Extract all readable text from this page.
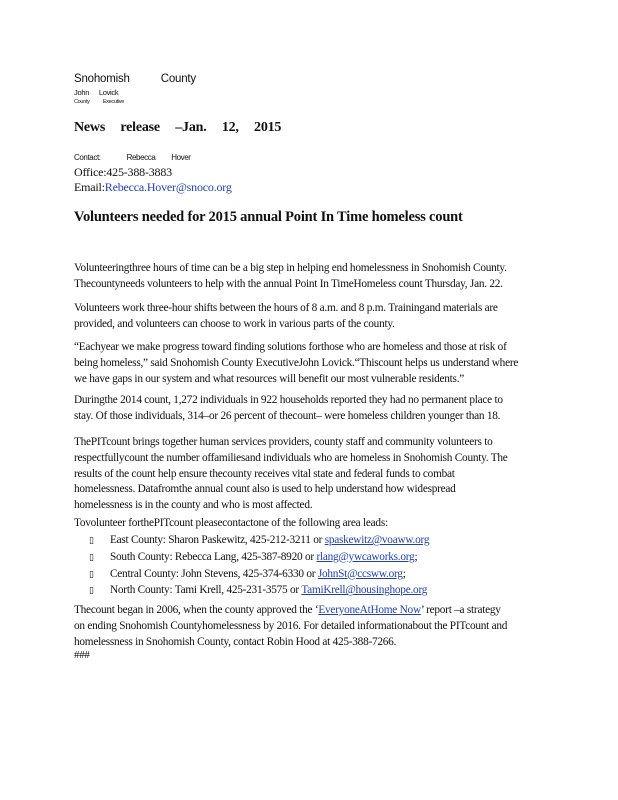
Snohomish County
John Lovick
County Executive
News release –Jan. 12, 2015
Contact:	Rebecca Hover
Office:425-388-3883
Email:Rebecca.Hover@snoco.org
Volunteers needed for 2015 annual Point In Time homeless count
Volunteeringthree hours of time can be a big step in helping end homelessness in Snohomish County.
Thecountyneeds volunteers to help with the annual Point In TimeHomeless count Thursday, Jan. 22.
Volunteers work three-hour shifts between the hours of 8 a.m. and 8 p.m. Trainingand materials are
provided, and volunteers can choose to work in various parts of the county.
“Eachyear we make progress toward finding solutions forthose who are homeless and those at risk of
being homeless,” said Snohomish County ExecutiveJohn Lovick.“Thiscount helps us understand where
we have gaps in our system and what resources will benefit our most vulnerable residents.”
Duringthe 2014 count, 1,272 individuals in 922 households reported they had no permanent place to
stay. Of those individuals, 314–or 26 percent of thecount– were homeless children younger than 18.
ThePITcount brings together human services providers, county staff and community volunteers to
respectfullycount the number offamiliesand individuals who are homeless in Snohomish County. The
results of the count help ensure thecounty receives vital state and federal funds to combat
homelessness. Datafromthe annual count also is used to help understand how widespread
homelessness is in the county and who is most affected.
Tovolunteer forthePITcount pleasecontactone of the following area leads:
▯ East County: Sharon Paskewitz, 425-212-3211 or spaskewitz@voaww.org
▯ South County: Rebecca Lang, 425-387-8920 or rlang@ywcaworks.org;
▯ Central County: John Stevens, 425-374-6330 or JohnSt@ccsww.org;
▯ North County: Tami Krell, 425-231-3575 or TamiKrell@housinghope.org
Thecount began in 2006, when the county approved the ‘EveryoneAtHome Now’ report –a strategy
on ending Snohomish Countyhomelessness by 2016. For detailed informationabout the PITcount and
homelessness in Snohomish County, contact Robin Hood at 425-388-7266.
###
